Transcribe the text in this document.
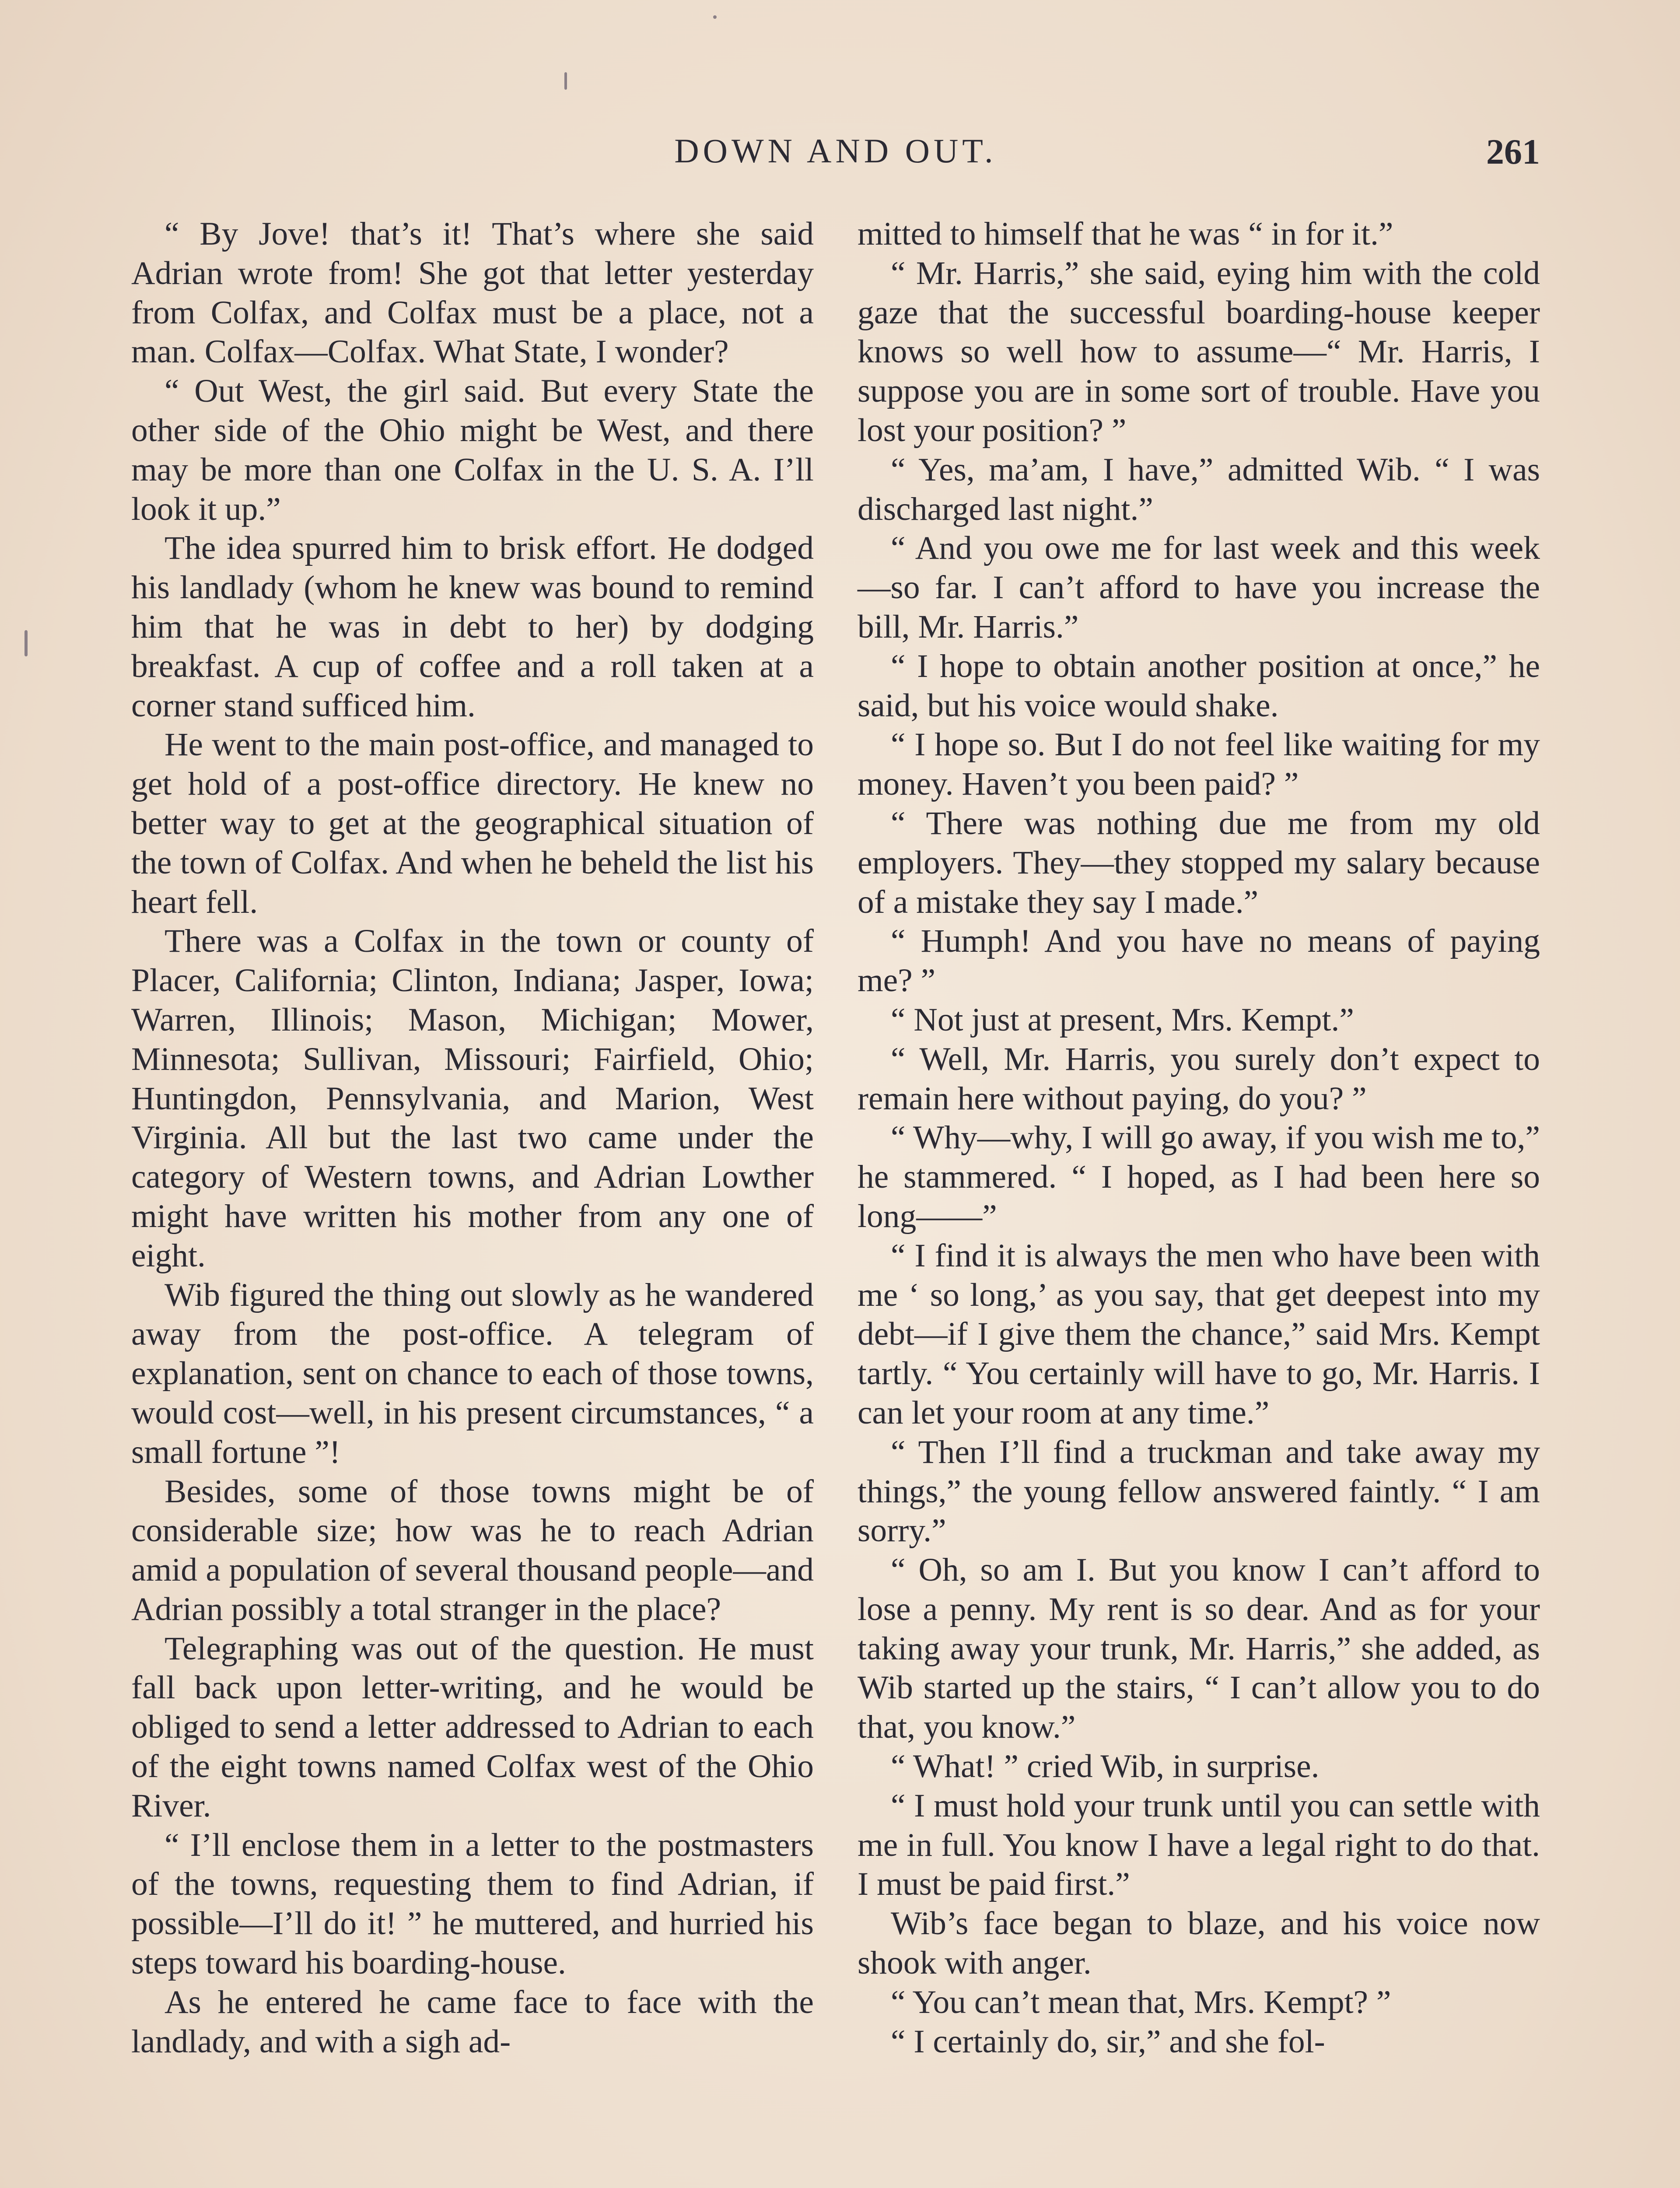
DOWN AND OUT.	261

“ By Jove! that’s it! That’s where she said Adrian wrote from! She got that letter yesterday from Colfax, and Colfax must be a place, not a man. Colfax—Colfax. What State, I wonder?

“ Out West, the girl said. But every State the other side of the Ohio might be West, and there may be more than one Colfax in the U. S. A. I’ll look it up.”

The idea spurred him to brisk effort. He dodged his landlady (whom he knew was bound to remind him that he was in debt to her) by dodging breakfast. A cup of coffee and a roll taken at a corner stand sufficed him.

He went to the main post-office, and managed to get hold of a post-office directory. He knew no better way to get at the geographical situation of the town of Colfax. And when he beheld the list his heart fell.

There was a Colfax in the town or county of Placer, California; Clinton, Indiana; Jasper, Iowa; Warren, Illinois; Mason, Michigan; Mower, Minnesota; Sullivan, Missouri; Fairfield, Ohio; Huntingdon, Pennsylvania, and Marion, West Virginia. All but the last two came under the category of Western towns, and Adrian Lowther might have written his mother from any one of eight.

Wib figured the thing out slowly as he wandered away from the post-office. A telegram of explanation, sent on chance to each of those towns, would cost—well, in his present circumstances, “ a small fortune ”!

Besides, some of those towns might be of considerable size; how was he to reach Adrian amid a population of several thousand people—and Adrian possibly a total stranger in the place?

Telegraphing was out of the question. He must fall back upon letter-writing, and he would be obliged to send a letter addressed to Adrian to each of the eight towns named Colfax west of the Ohio River.

“ I’ll enclose them in a letter to the postmasters of the towns, requesting them to find Adrian, if possible—I’ll do it! ” he muttered, and hurried his steps toward his boarding-house.

As he entered he came face to face with the landlady, and with a sigh ad-

mitted to himself that he was “ in for it.”

“ Mr. Harris,” she said, eying him with the cold gaze that the successful boarding-house keeper knows so well how to assume—“ Mr. Harris, I suppose you are in some sort of trouble. Have you lost your position? ”

“ Yes, ma’am, I have,” admitted Wib. “ I was discharged last night.”

“ And you owe me for last week and this week—so far. I can’t afford to have you increase the bill, Mr. Harris.”

“ I hope to obtain another position at once,” he said, but his voice would shake.

“ I hope so. But I do not feel like waiting for my money. Haven’t you been paid? ”

“ There was nothing due me from my old employers. They—they stopped my salary because of a mistake they say I made.”

“ Humph! And you have no means of paying me? ”

“ Not just at present, Mrs. Kempt.”

“ Well, Mr. Harris, you surely don’t expect to remain here without paying, do you? ”

“ Why—why, I will go away, if you wish me to,” he stammered. “ I hoped, as I had been here so long——”

“ I find it is always the men who have been with me ‘ so long,’ as you say, that get deepest into my debt—if I give them the chance,” said Mrs. Kempt tartly. “ You certainly will have to go, Mr. Harris. I can let your room at any time.”

“ Then I’ll find a truckman and take away my things,” the young fellow answered faintly. “ I am sorry.”

“ Oh, so am I. But you know I can’t afford to lose a penny. My rent is so dear. And as for your taking away your trunk, Mr. Harris,” she added, as Wib started up the stairs, “ I can’t allow you to do that, you know.”

“ What! ” cried Wib, in surprise.

“ I must hold your trunk until you can settle with me in full. You know I have a legal right to do that. I must be paid first.”

Wib’s face began to blaze, and his voice now shook with anger.

“ You can’t mean that, Mrs. Kempt? ”

“ I certainly do, sir,” and she fol-
